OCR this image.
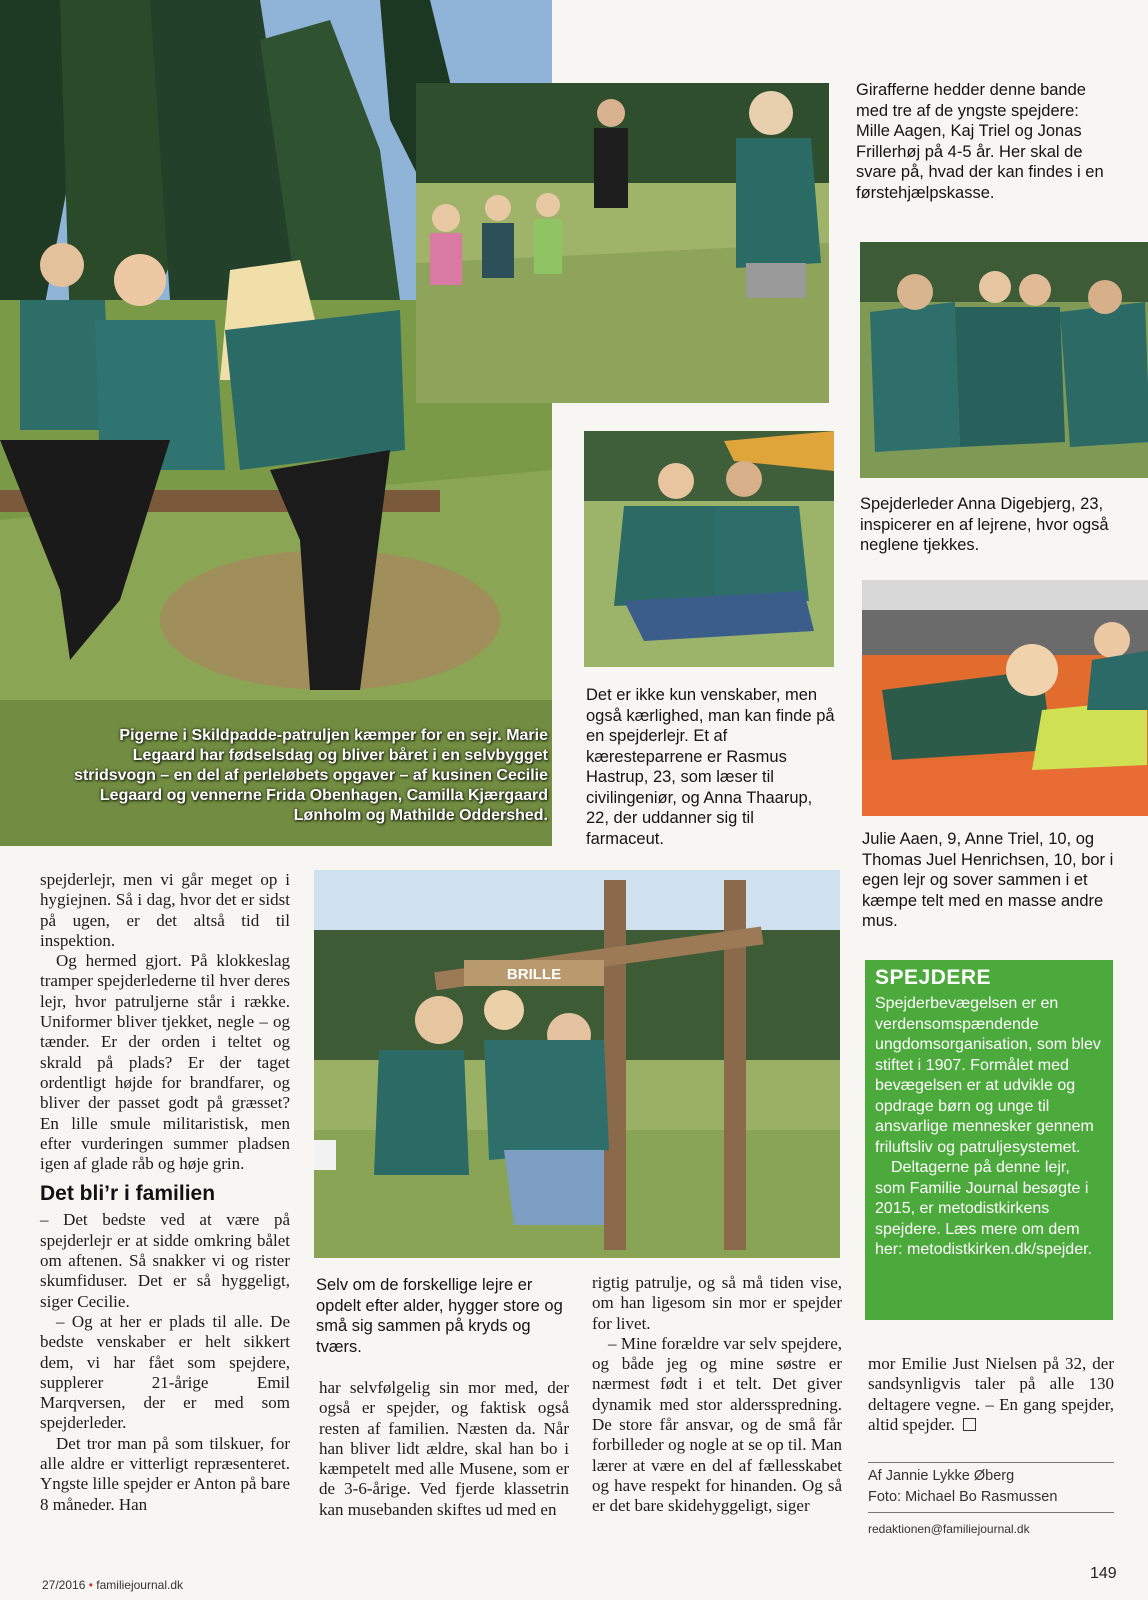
BRILLE
Pigerne i Skildpadde-patruljen kæmper for en sejr. Marie Legaard har fødselsdag og bliver båret i en selvbygget stridsvogn – en del af perleløbets opgaver – af kusinen Cecilie Legaard og vennerne Frida Obenhagen, Camilla Kjærgaard Lønholm og Mathilde Oddershed.

Girafferne hedder denne bande med tre af de yngste spejdere: Mille Aagen, Kaj Triel og Jonas Frillerhøj på 4-5 år. Her skal de svare på, hvad der kan findes i en førstehjælpskasse.

Spejderleder Anna Digebjerg, 23, inspicerer en af lejrene, hvor også neglene tjekkes.

Det er ikke kun venskaber, men også kærlighed, man kan finde på en spejderlejr. Et af kæresteparrene er Rasmus Hastrup, 23, som læser til civilingeniør, og Anna Thaarup, 22, der uddanner sig til farmaceut.	Julie Aaen, 9, Anne Triel, 10, og Thomas Juel Henrichsen, 10, bor i egen lejr og sover sammen i et kæmpe telt med en masse andre mus.

Selv om de forskellige lejre er opdelt efter alder, hygger store og små sig sammen på kryds og tværs.

spejderlejr, men vi går meget op i hygiejnen. Så i dag, hvor det er sidst på ugen, er det altså tid til inspektion.

Og hermed gjort. På klokkeslag tramper spejderlederne til hver deres lejr, hvor patruljerne står i række. Uniformer bliver tjekket, negle – og tænder. Er der orden i teltet og skrald på plads? Er der taget ordentligt højde for brandfarer, og bliver der passet godt på græsset? En lille smule militaristisk, men efter vurderingen summer pladsen igen af glade råb og høje grin.

Det bli’r i familien

– Det bedste ved at være på spejderlejr er at sidde omkring bålet om aftenen. Så snakker vi og rister skumfiduser. Det er så hyggeligt, siger Cecilie.

– Og at her er plads til alle. De bedste venskaber er helt sikkert dem, vi har fået som spejdere, supplerer 21-årige Emil Marqversen, der er med som spejderleder.

Det tror man på som tilskuer, for alle aldre er vitterligt repræsenteret. Yngste lille spejder er Anton på bare 8 måneder. Han

har selvfølgelig sin mor med, der også er spejder, og faktisk også resten af familien. Næsten da. Når han bliver lidt ældre, skal han bo i kæmpetelt med alle Musene, som er de 3-6-årige. Ved fjerde klassetrin kan musebanden skiftes ud med en

rigtig patrulje, og så må tiden vise, om han ligesom sin mor er spejder for livet.

– Mine forældre var selv spejdere, og både jeg og mine søstre er nærmest født i et telt. Det giver dynamik med stor aldersspredning. De store får ansvar, og de små får forbilleder og nogle at se op til. Man lærer at være en del af fællesskabet og have respekt for hinanden. Og så er det bare skidehyggeligt, siger

mor Emilie Just Nielsen på 32, der sandsynligvis taler på alle 130 deltagere vegne. – En gang spejder, altid spejder.

SPEJDERE

Spejderbevægelsen er en verdensomspændende ungdomsorganisation, som blev stiftet i 1907. Formålet med bevægelsen er at udvikle og opdrage børn og unge til ansvarlige mennesker gennem friluftsliv og patruljesystemet.

Deltagerne på denne lejr, som Familie Journal besøgte i 2015, er metodistkirkens spejdere. Læs mere om dem her: metodistkirken.dk/spejder.

Af Jannie Lykke Øberg
Foto: Michael Bo Rasmussen
redaktionen@familiejournal.dk
27/2016 • familiejournal.dk
149
